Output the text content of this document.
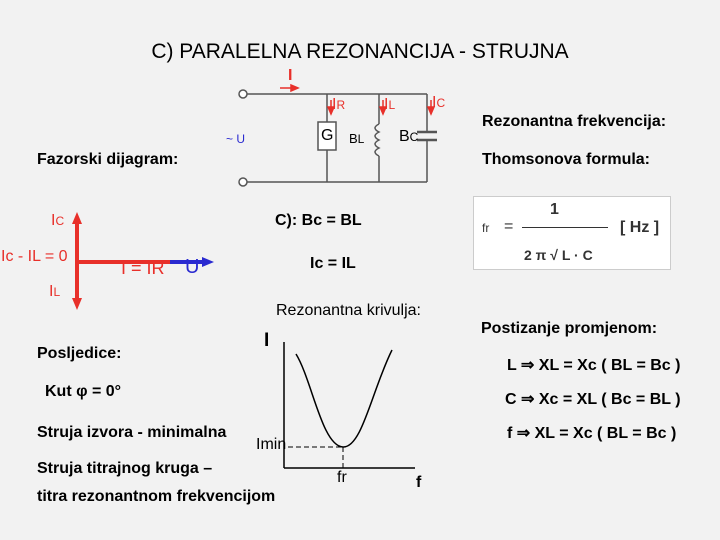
C) PARALELNA REZONANCIJA - STRUJNA
I
IR IL IC
~ U	G BL BC
Rezonantna frekvencija:
Fazorski dijagram:	Thomsonova formula:
IC
Ic - IL = 0
I = IR U
IL
C): Bc = BL
Ic = IL
fr =
1
2 π √ L · C
[ Hz ]
Rezonantna krivulja:
I
Imin
fr	f
Posljedice:
Kut φ = 0°
Struja izvora - minimalna
Struja titrajnog kruga –
titra rezonantnom frekvencijom
Postizanje promjenom:
L ⇒ XL = Xc ( BL = Bc )
C ⇒ Xc = XL ( Bc = BL )
f ⇒ XL = Xc ( BL = Bc )
